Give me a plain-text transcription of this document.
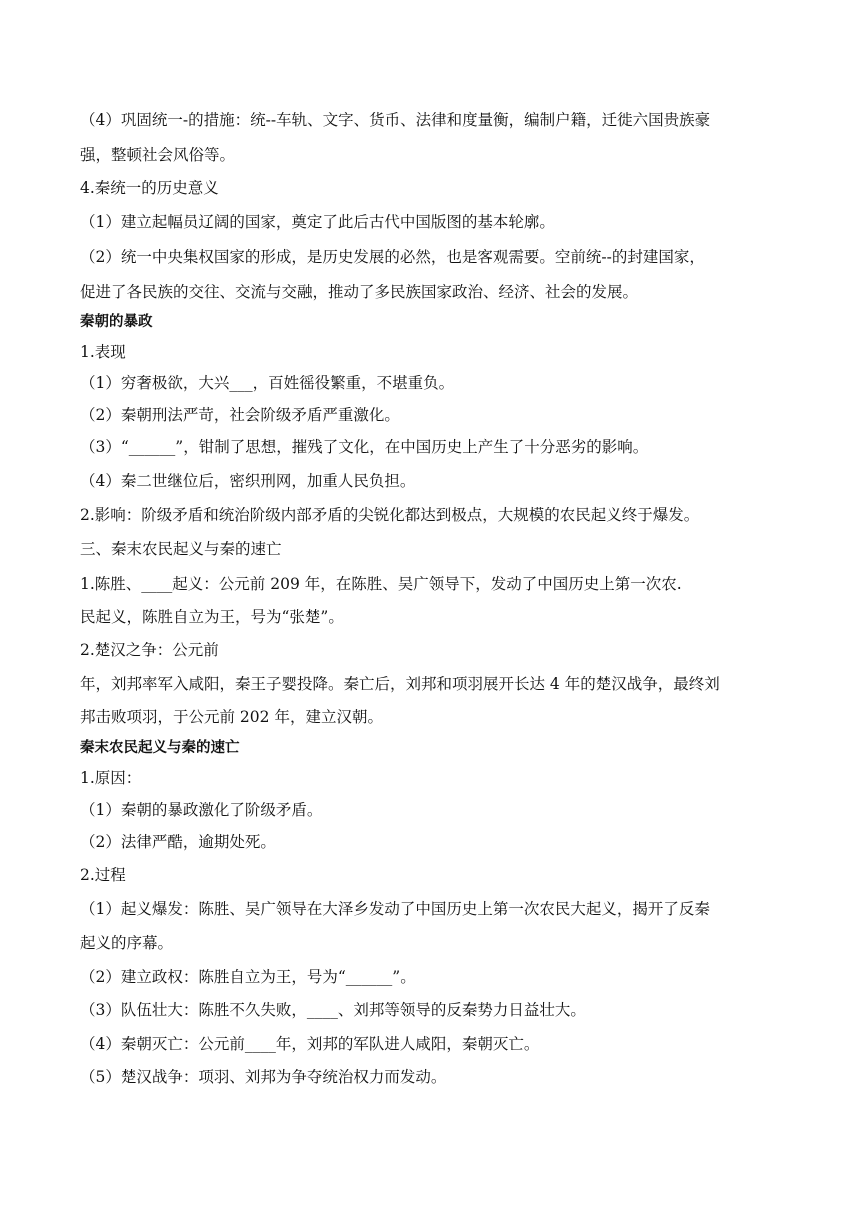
（4）巩固统一-的措施：统--车轨、文字、货币、法律和度量衡，编制户籍，迁徙六国贵族豪
强，整顿社会风俗等。
4.秦统一的历史意义
（1）建立起幅员辽阔的国家，奠定了此后古代中国版图的基本轮廓。
（2）统一中央集权国家的形成，是历史发展的必然，也是客观需要。空前统--的封建国家，
促进了各民族的交往、交流与交融，推动了多民族国家政治、经济、社会的发展。
秦朝的暴政
1.表现
（1）穷奢极欲，大兴___，百姓徭役繁重，不堪重负。
（2）秦朝刑法严苛，社会阶级矛盾严重激化。
（3）“______”，钳制了思想，摧残了文化，在中国历史上产生了十分恶劣的影响。
（4）秦二世继位后，密织刑网，加重人民负担。
2.影响：阶级矛盾和统治阶级内部矛盾的尖锐化都达到极点，大规模的农民起义终于爆发。
三、秦末农民起义与秦的速亡
1.陈胜、____起义：公元前 209 年，在陈胜、吴广领导下，发动了中国历史上第一次农.
民起义，陈胜自立为王，号为“张楚”。
2.楚汉之争：公元前
年，刘邦率军入咸阳，秦王子婴投降。秦亡后，刘邦和项羽展开长达 4 年的楚汉战争，最终刘
邦击败项羽，于公元前 202 年，建立汉朝。
秦末农民起义与秦的速亡
1.原因：
（1）秦朝的暴政激化了阶级矛盾。
（2）法律严酷，逾期处死。
2.过程
（1）起义爆发：陈胜、吴广领导在大泽乡发动了中国历史上第一次农民大起义，揭开了反秦
起义的序幕。
（2）建立政权：陈胜自立为王，号为“______”。
（3）队伍壮大：陈胜不久失败，____、刘邦等领导的反秦势力日益壮大。
（4）秦朝灭亡：公元前____年，刘邦的军队进人咸阳，秦朝灭亡。
（5）楚汉战争：项羽、刘邦为争夺统治权力而发动。
